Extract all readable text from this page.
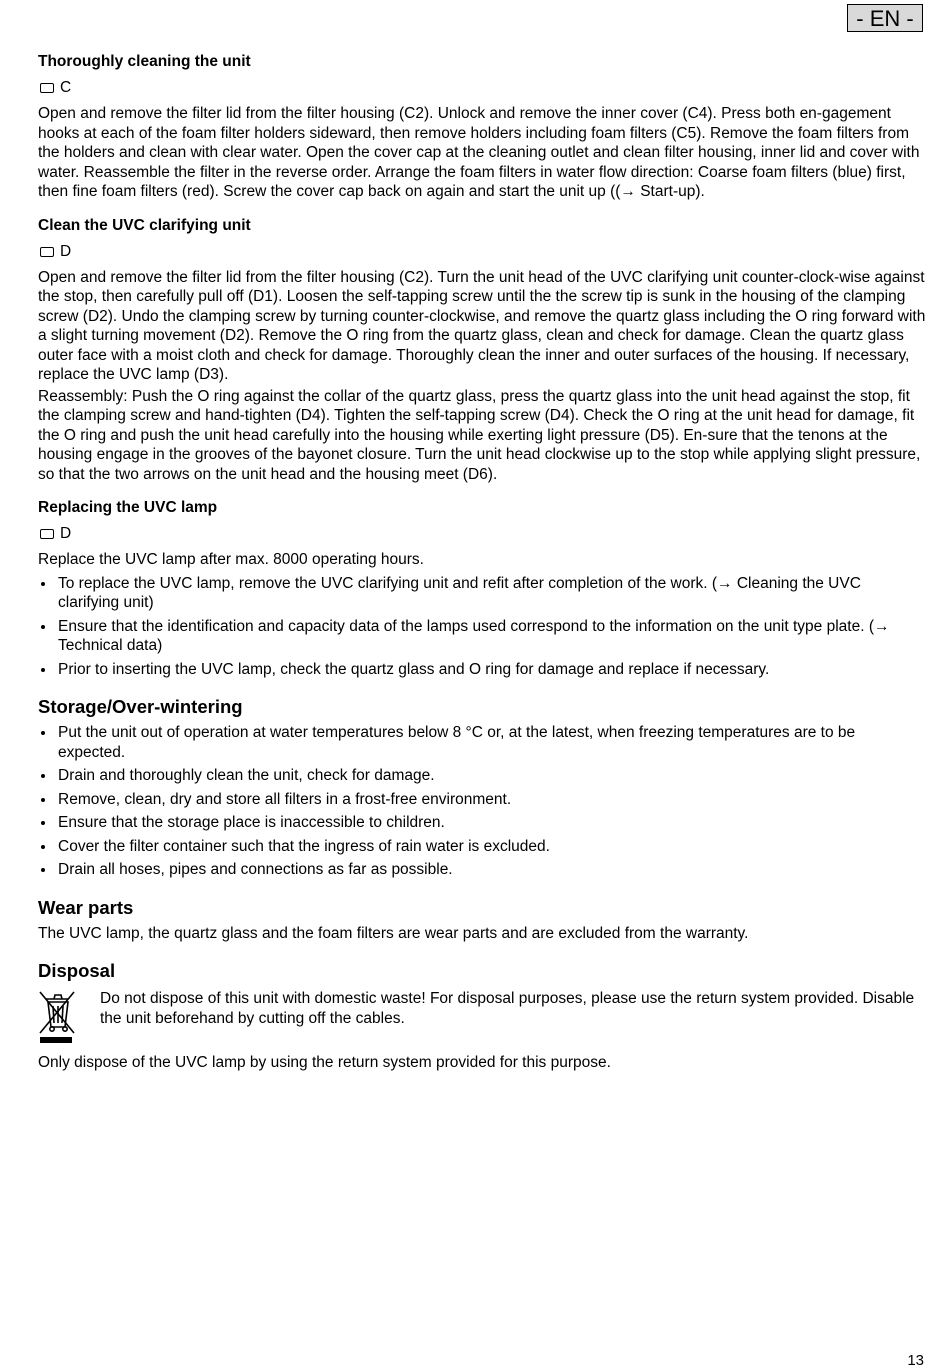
- EN -
Thoroughly cleaning the unit
C

Open and remove the filter lid from the filter housing (C2). Unlock and remove the inner cover (C4). Press both en-gagement hooks at each of the foam filter holders sideward, then remove holders including foam filters (C5). Remove the foam filters from the holders and clean with clear water. Open the cover cap at the cleaning outlet and clean filter housing, inner lid and cover with water. Reassemble the filter in the reverse order. Arrange the foam filters in water flow direction: Coarse foam filters (blue) first, then fine foam filters (red). Screw the cover cap back on again and start the unit up ((→ Start-up).

Clean the UVC clarifying unit
D

Open and remove the filter lid from the filter housing (C2). Turn the unit head of the UVC clarifying unit counter-clock-wise against the stop, then carefully pull off (D1). Loosen the self-tapping screw until the the screw tip is sunk in the housing of the clamping screw (D2). Undo the clamping screw by turning counter-clockwise, and remove the quartz glass including the O ring forward with a slight turning movement (D2). Remove the O ring from the quartz glass, clean and check for damage. Clean the quartz glass outer face with a moist cloth and check for damage. Thoroughly clean the inner and outer surfaces of the housing. If necessary, replace the UVC lamp (D3).

Reassembly: Push the O ring against the collar of the quartz glass, press the quartz glass into the unit head against the stop, fit the clamping screw and hand-tighten (D4). Tighten the self-tapping screw (D4). Check the O ring at the unit head for damage, fit the O ring and push the unit head carefully into the housing while exerting light pressure (D5). En-sure that the tenons at the housing engage in the grooves of the bayonet closure. Turn the unit head clockwise up to the stop while applying slight pressure, so that the two arrows on the unit head and the housing meet (D6).

Replacing the UVC lamp
D

Replace the UVC lamp after max. 8000 operating hours.

To replace the UVC lamp, remove the UVC clarifying unit and refit after completion of the work. (→ Cleaning the UVC clarifying unit)
Ensure that the identification and capacity data of the lamps used correspond to the information on the unit type plate. (→ Technical data)
Prior to inserting the UVC lamp, check the quartz glass and O ring for damage and replace if necessary.
Storage/Over-wintering
Put the unit out of operation at water temperatures below 8 °C or, at the latest, when freezing temperatures are to be expected.
Drain and thoroughly clean the unit, check for damage.
Remove, clean, dry and store all filters in a frost-free environment.
Ensure that the storage place is inaccessible to children.
Cover the filter container such that the ingress of rain water is excluded.
Drain all hoses, pipes and connections as far as possible.
Wear parts

The UVC lamp, the quartz glass and the foam filters are wear parts and are excluded from the warranty.

Disposal

Do not dispose of this unit with domestic waste! For disposal purposes, please use the return system provided. Disable the unit beforehand by cutting off the cables.

Only dispose of the UVC lamp by using the return system provided for this purpose.

13
